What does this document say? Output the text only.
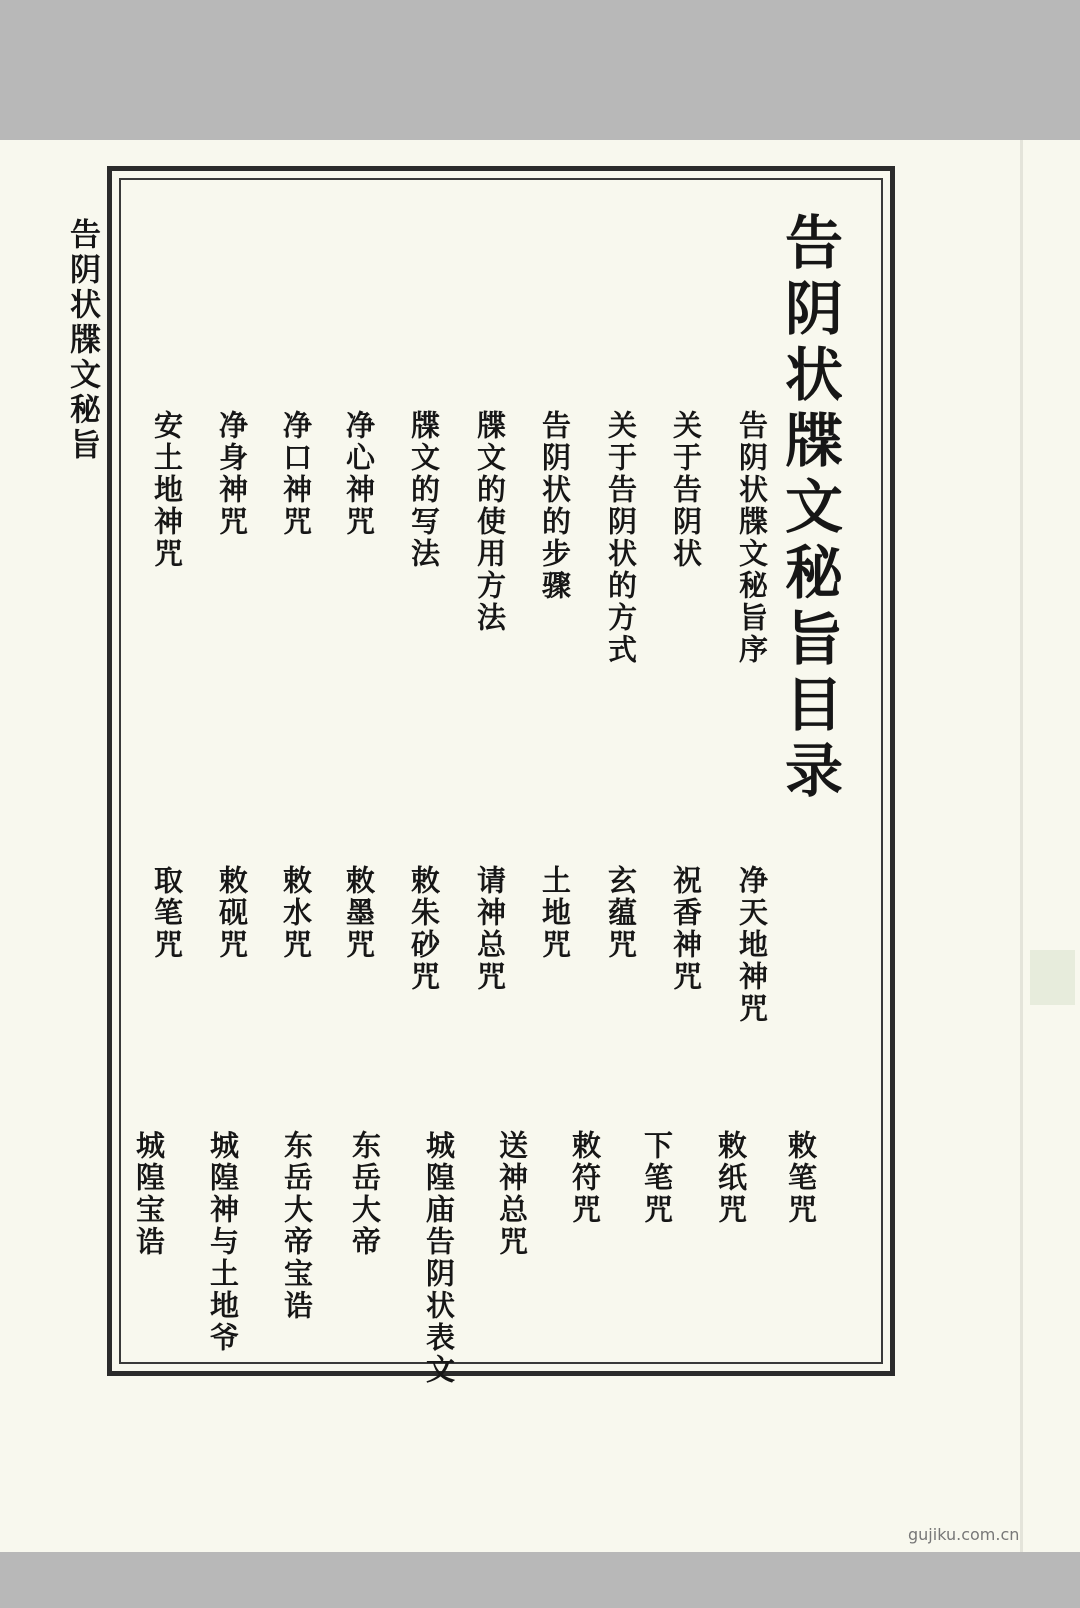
告阴状牒文秘旨目录
告阴状牒文秘旨
告阴状牒文秘旨序
关于告阴状
关于告阴状的方式
告阴状的步骤
牒文的使用方法
牒文的写法
净心神咒
净口神咒
净身神咒
安土地神咒
净天地神咒
祝香神咒
玄蕴咒
土地咒
请神总咒
敕朱砂咒
敕墨咒
敕水咒
敕砚咒
取笔咒
敕笔咒
敕纸咒
下笔咒
敕符咒
送神总咒
城隍庙告阴状表文
东岳大帝
东岳大帝宝诰
城隍神与土地爷
城隍宝诰
gujiku.com.cn
